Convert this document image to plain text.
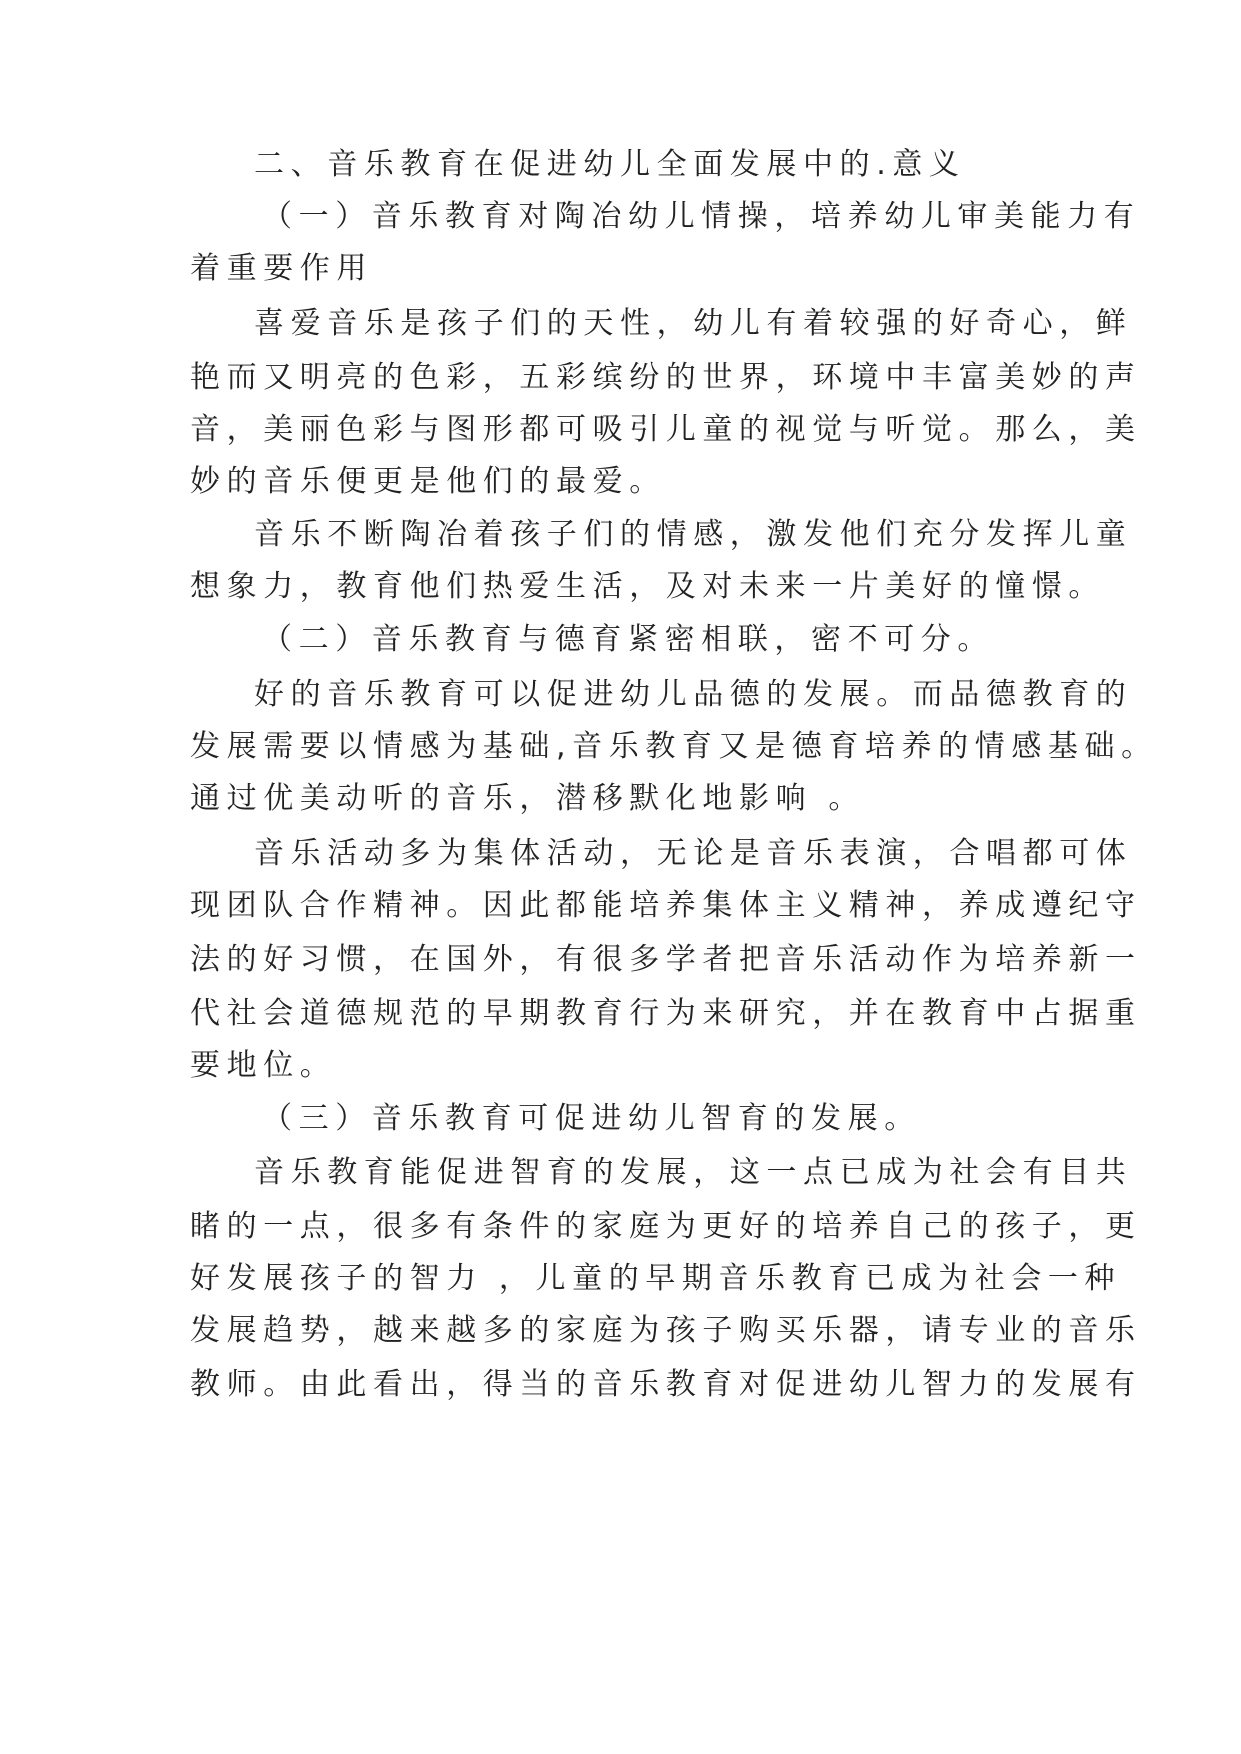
二、音乐教育在促进幼儿全面发展中的.意义
（一）音乐教育对陶冶幼儿情操，培养幼儿审美能力有
着重要作用
喜爱音乐是孩子们的天性，幼儿有着较强的好奇心，鲜
艳而又明亮的色彩，五彩缤纷的世界，环境中丰富美妙的声
音，美丽色彩与图形都可吸引儿童的视觉与听觉。那么，美
妙的音乐便更是他们的最爱。
音乐不断陶冶着孩子们的情感，激发他们充分发挥儿童
想象力，教育他们热爱生活，及对未来一片美好的憧憬。
（二）音乐教育与德育紧密相联，密不可分。
好的音乐教育可以促进幼儿品德的发展。而品德教育的
发展需要以情感为基础,音乐教育又是德育培养的情感基础。
通过优美动听的音乐，潜移默化地影响 。
音乐活动多为集体活动，无论是音乐表演，合唱都可体
现团队合作精神。因此都能培养集体主义精神，养成遵纪守
法的好习惯，在国外，有很多学者把音乐活动作为培养新一
代社会道德规范的早期教育行为来研究，并在教育中占据重
要地位。
（三）音乐教育可促进幼儿智育的发展。
音乐教育能促进智育的发展，这一点已成为社会有目共
睹的一点，很多有条件的家庭为更好的培养自己的孩子，更
好发展孩子的智力 ，儿童的早期音乐教育已成为社会一种
发展趋势，越来越多的家庭为孩子购买乐器，请专业的音乐
教师。由此看出，得当的音乐教育对促进幼儿智力的发展有
